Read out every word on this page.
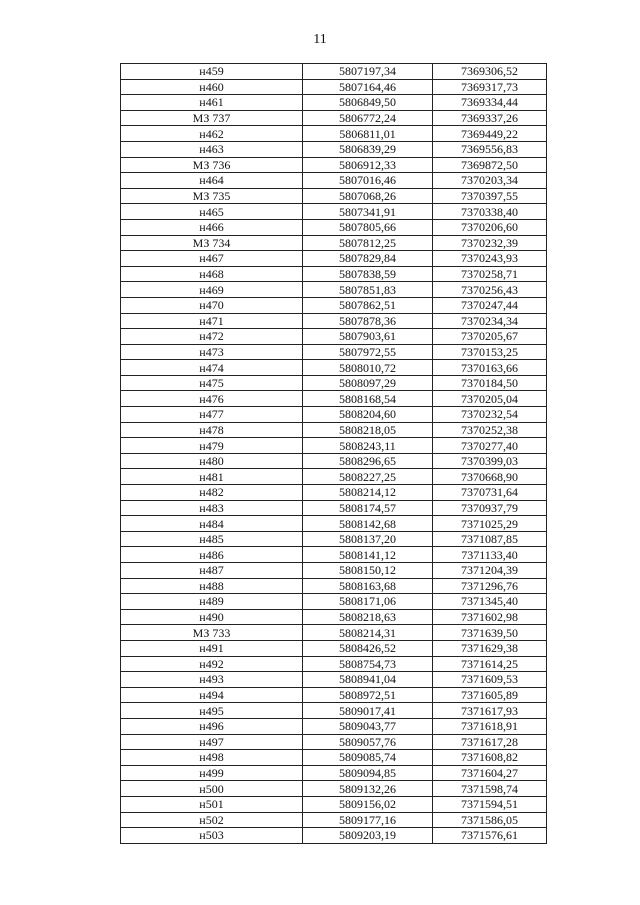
11
н459	5807197,34	7369306,52
н460	5807164,46	7369317,73
н461	5806849,50	7369334,44
МЗ 737	5806772,24	7369337,26
н462	5806811,01	7369449,22
н463	5806839,29	7369556,83
МЗ 736	5806912,33	7369872,50
н464	5807016,46	7370203,34
МЗ 735	5807068,26	7370397,55
н465	5807341,91	7370338,40
н466	5807805,66	7370206,60
МЗ 734	5807812,25	7370232,39
н467	5807829,84	7370243,93
н468	5807838,59	7370258,71
н469	5807851,83	7370256,43
н470	5807862,51	7370247,44
н471	5807878,36	7370234,34
н472	5807903,61	7370205,67
н473	5807972,55	7370153,25
н474	5808010,72	7370163,66
н475	5808097,29	7370184,50
н476	5808168,54	7370205,04
н477	5808204,60	7370232,54
н478	5808218,05	7370252,38
н479	5808243,11	7370277,40
н480	5808296,65	7370399,03
н481	5808227,25	7370668,90
н482	5808214,12	7370731,64
н483	5808174,57	7370937,79
н484	5808142,68	7371025,29
н485	5808137,20	7371087,85
н486	5808141,12	7371133,40
н487	5808150,12	7371204,39
н488	5808163,68	7371296,76
н489	5808171,06	7371345,40
н490	5808218,63	7371602,98
МЗ 733	5808214,31	7371639,50
н491	5808426,52	7371629,38
н492	5808754,73	7371614,25
н493	5808941,04	7371609,53
н494	5808972,51	7371605,89
н495	5809017,41	7371617,93
н496	5809043,77	7371618,91
н497	5809057,76	7371617,28
н498	5809085,74	7371608,82
н499	5809094,85	7371604,27
н500	5809132,26	7371598,74
н501	5809156,02	7371594,51
н502	5809177,16	7371586,05
н503	5809203,19	7371576,61
